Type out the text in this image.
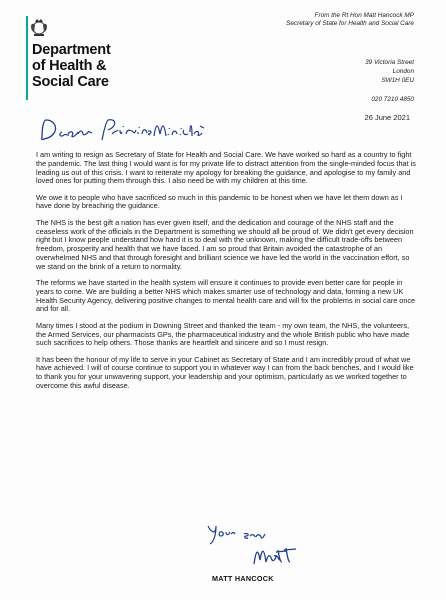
Department
of Health &
Social Care
From the Rt Hon Matt Hancock MP
Secretary of State for Health and Social Care
39 Victoria Street
London
SW1H 0EU
020 7210 4850
26 June 2021

I am writing to resign as Secretary of State for Health and Social Care. We have worked so hard as a country to fight the pandemic. The last thing I would want is for my private life to distract attention from the single-minded focus that is leading us out of this crisis. I want to reiterate my apology for breaking the guidance, and apologise to my family and loved ones for putting them through this. I also need be with my children at this time.

We owe it to people who have sacrificed so much in this pandemic to be honest when we have let them down as I have done by breaching the guidance.

The NHS is the best gift a nation has ever given itself, and the dedication and courage of the NHS staff and the ceaseless work of the officials in the Department is something we should all be proud of. We didn't get every decision right but I know people understand how hard it is to deal with the unknown, making the difficult trade-offs between freedom, prosperity and health that we have faced. I am so proud that Britain avoided the catastrophe of an overwhelmed NHS and that through foresight and brilliant science we have led the world in the vaccination effort, so we stand on the brink of a return to normality.

The reforms we have started in the health system will ensure it continues to provide even better care for people in years to come. We are building a better NHS which makes smarter use of technology and data, forming a new UK Health Security Agency, delivering positive changes to mental health care and will fix the problems in social care once and for all.

Many times I stood at the podium in Downing Street and thanked the team - my own team, the NHS, the volunteers, the Armed Services, our pharmacists GPs, the pharmaceutical industry and the whole British public who have made such sacrifices to help others. Those thanks are heartfelt and sincere and so I must resign.

It has been the honour of my life to serve in your Cabinet as Secretary of State and I am incredibly proud of what we have achieved. I will of course continue to support you in whatever way I can from the back benches, and I would like to thank you for your unwavering support, your leadership and your optimism, particularly as we worked together to overcome this awful disease.

MATT HANCOCK
